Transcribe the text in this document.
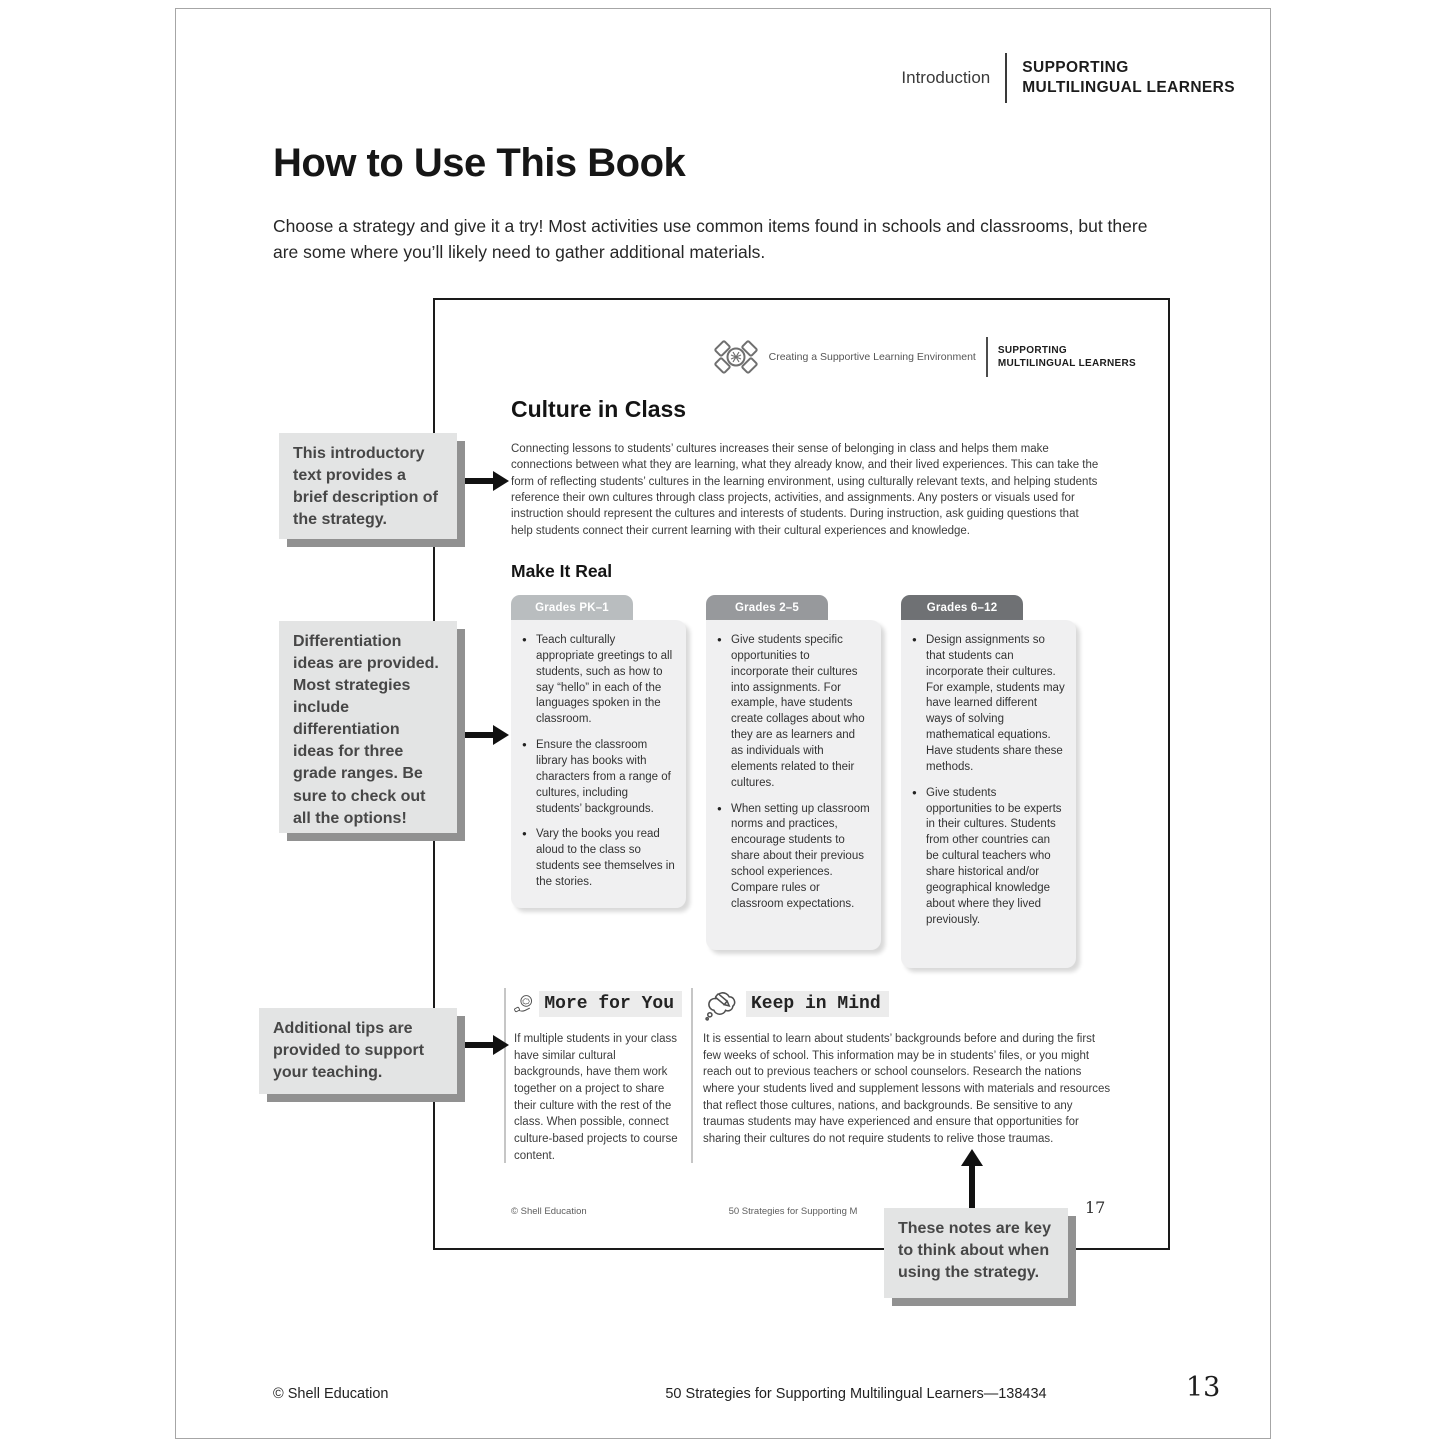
Introduction
SUPPORTING
MULTILINGUAL LEARNERS
How to Use This Book

Choose a strategy and give it a try! Most activities use common items found in schools and classrooms, but there are some where you’ll likely need to gather additional materials.

Creating a Supportive Learning Environment
SUPPORTING
MULTILINGUAL LEARNERS
Culture in Class

Connecting lessons to students’ cultures increases their sense of belonging in class and helps them make connections between what they are learning, what they already know, and their lived experiences. This can take the form of reflecting students’ cultures in the learning environment, using culturally relevant texts, and helping students reference their own cultures through class projects, activities, and assignments. Any posters or visuals used for instruction should represent the cultures and interests of students. During instruction, ask guiding questions that help students connect their current learning with their cultural experiences and knowledge.

Make It Real
Grades PK–1
● Teach culturally appropriate greetings to all students, such as how to say “hello” in each of the languages spoken in the classroom.
● Ensure the classroom library has books with characters from a range of cultures, including students’ backgrounds.
● Vary the books you read aloud to the class so students see themselves in the stories.
Grades 2–5
● Give students specific opportunities to incorporate their cultures into assignments. For example, have students create collages about who they are as learners and as individuals with elements related to their cultures.
● When setting up classroom norms and practices, encourage students to share about their previous school experiences. Compare rules or classroom expectations.
Grades 6–12
● Design assignments so that students can incorporate their cultures. For example, students may have learned different ways of solving mathematical equations. Have students share these methods.
● Give students opportunities to be experts in their cultures. Students from other countries can be cultural teachers who share historical and/or geographical knowledge about where they lived previously.
More for You

If multiple students in your class have similar cultural backgrounds, have them work together on a project to share their culture with the rest of the class. When possible, connect culture-based projects to course content.

Keep in Mind

It is essential to learn about students’ backgrounds before and during the first few weeks of school. This information may be in students’ files, or you might reach out to previous teachers or school counselors. Research the nations where your students lived and supplement lessons with materials and resources that reflect those cultures, nations, and backgrounds. Be sensitive to any traumas students may have experienced and ensure that opportunities for sharing their cultures do not require students to relive those traumas.

© Shell Education	50 Strategies for Supporting M	17
This introductory text provides a brief description of the strategy.
Differentiation ideas are provided. Most strategies include differentiation ideas for three grade ranges. Be sure to check out all the options!
Additional tips are provided to support your teaching.
These notes are key to think about when using the strategy.
© Shell Education	50 Strategies for Supporting Multilingual Learners—138434	13
